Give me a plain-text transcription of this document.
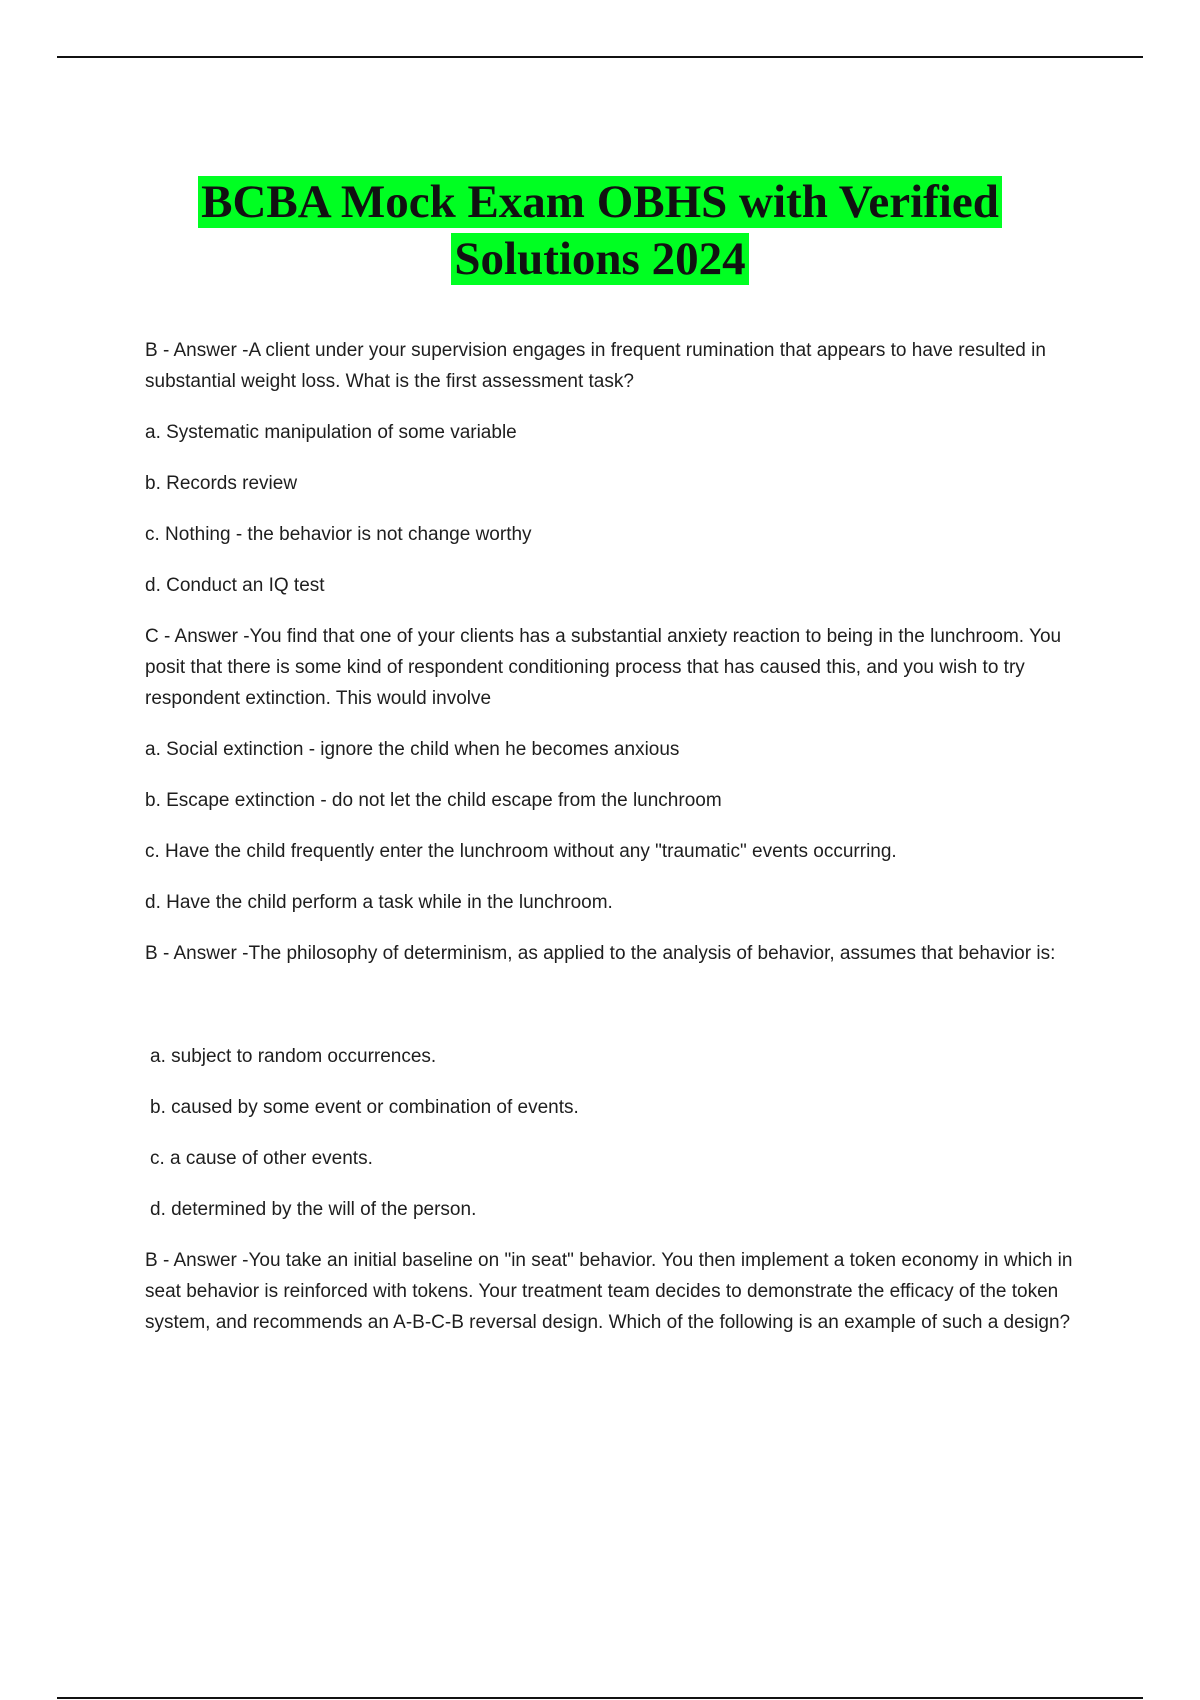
BCBA Mock Exam OBHS with Verified
Solutions 2024

B - Answer -A client under your supervision engages in frequent rumination that appears to have resulted in substantial weight loss. What is the first assessment task?

a. Systematic manipulation of some variable

b. Records review

c. Nothing - the behavior is not change worthy

d. Conduct an IQ test

C - Answer -You find that one of your clients has a substantial anxiety reaction to being in the lunchroom. You posit that there is some kind of respondent conditioning process that has caused this, and you wish to try respondent extinction. This would involve

a. Social extinction - ignore the child when he becomes anxious

b. Escape extinction - do not let the child escape from the lunchroom

c. Have the child frequently enter the lunchroom without any "traumatic" events occurring.

d. Have the child perform a task while in the lunchroom.

B - Answer -The philosophy of determinism, as applied to the analysis of behavior, assumes that behavior is:

a. subject to random occurrences.

b. caused by some event or combination of events.

c. a cause of other events.

d. determined by the will of the person.

B - Answer -You take an initial baseline on "in seat" behavior. You then implement a token economy in which in seat behavior is reinforced with tokens. Your treatment team decides to demonstrate the efficacy of the token system, and recommends an A-B-C-B reversal design. Which of the following is an example of such a design?
